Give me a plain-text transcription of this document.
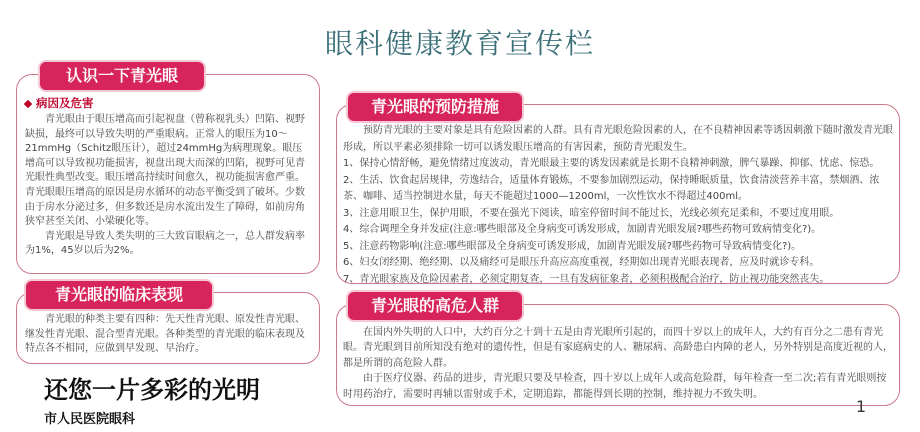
眼科健康教育宣传栏

病因及危害

青光眼由于眼压增高而引起视盘（曾称视乳头）凹陷、视野缺损，最终可以导致失明的严重眼病。正常人的眼压为10～21mmHg（Schitz眼压计），超过24mmHg为病理现象。眼压增高可以导致视功能损害，视盘出现大而深的凹陷，视野可见青光眼性典型改变。眼压增高持续时间愈久，视功能损害愈严重。青光眼眼压增高的原因是房水循环的动态平衡受到了破坏。少数由于房水分泌过多，但多数还是房水流出发生了障碍，如前房角狭窄甚至关闭、小梁硬化等。

青光眼是导致人类失明的三大致盲眼病之一，总人群发病率为1%，45岁以后为2%。

认识一下青光眼

青光眼的种类主要有四种：先天性青光眼、原发性青光眼、继发性青光眼、混合型青光眼。各种类型的青光眼的临床表现及特点各不相同，应做到早发现、早治疗。

青光眼的临床表现

预防青光眼的主要对象是具有危险因素的人群。具有青光眼危险因素的人，在不良精神因素等诱因刺激下随时激发青光眼形成，所以平素必须排除一切可以诱发眼压增高的有害因素，预防青光眼发生。

1、保持心情舒畅，避免情绪过度波动，青光眼最主要的诱发因素就是长期不良精神刺激，脾气暴躁、抑郁、忧虑、惊恐。

2、生活、饮食起居规律，劳逸结合，适量体育锻炼，不要参加剧烈运动，保持睡眠质量，饮食清淡营养丰富，禁烟酒、浓茶、咖啡、适当控制进水量，每天不能超过1000—1200ml，一次性饮水不得超过400ml。

3、注意用眼卫生，保护用眼，不要在强光下阅读，暗室停留时间不能过长，光线必须充足柔和，不要过度用眼。

4、综合调理全身并发症(注意:哪些眼部及全身病变可诱发形成，加剧青光眼发展?哪些药物可致病情变化?)。

5、注意药物影响(注意:哪些眼部及全身病变可诱发形成，加剧青光眼发展?哪些药物可导致病情变化?)。

6、妇女闭经期、绝经期、以及痛经可是眼压升高应高度重视，经期如出现青光眼表现者，应及时就诊专科。

7、青光眼家族及危险因素者，必须定期复查，一旦有发病征象者，必须积极配合治疗，防止视功能突然丧失。

青光眼的预防措施

在国内外失明的人口中，大约百分之十到十五是由青光眼所引起的，而四十岁以上的成年人，大约有百分之二患有青光眼。青光眼到目前所知没有绝对的遗传性，但是有家庭病史的人、糖尿病、高龄患白内障的老人，另外特别是高度近视的人，都是所谓的高危险人群。

由于医疗仪器、药品的进步，青光眼只要及早检查，四十岁以上成年人或高危险群，每年检查一至二次;若有青光眼则按时用药治疗，需要时再辅以雷射或手术，定期追踪，都能得到长期的控制，维持视力不致失明。

青光眼的高危人群
还您一片多彩的光明
市人民医院眼科
1
